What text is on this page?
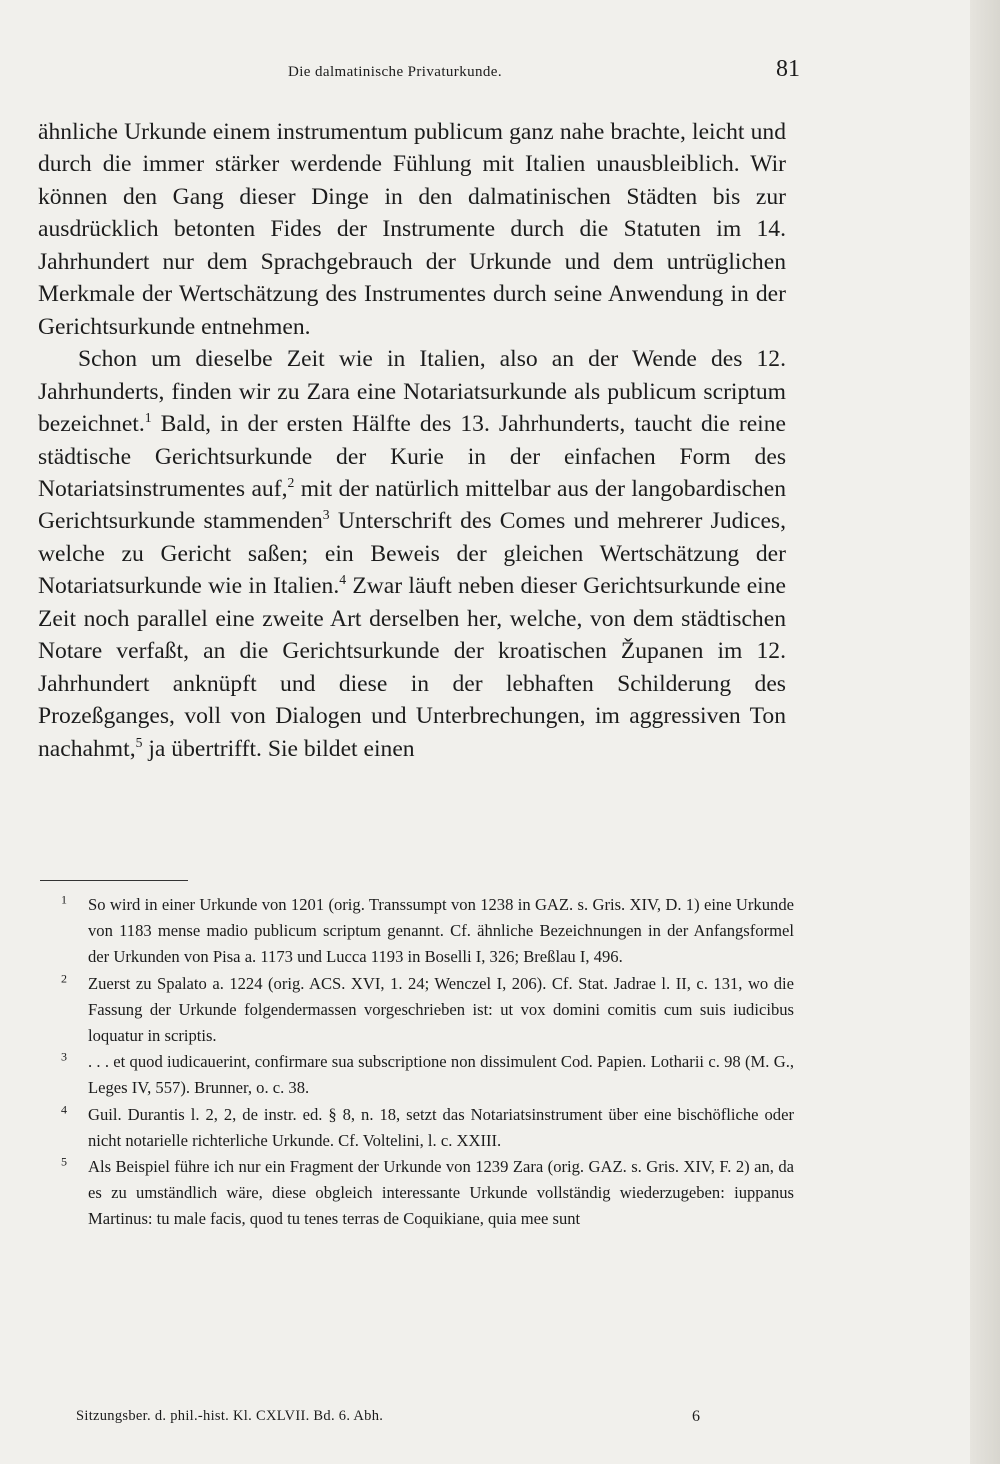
Die dalmatinische Privaturkunde.	81

ähnliche Urkunde einem instrumentum publicum ganz nahe brachte, leicht und durch die immer stärker werdende Fühlung mit Italien unausbleiblich. Wir können den Gang dieser Dinge in den dalmatinischen Städten bis zur ausdrücklich betonten Fides der Instrumente durch die Statuten im 14. Jahrhundert nur dem Sprachgebrauch der Urkunde und dem untrüglichen Merkmale der Wertschätzung des Instrumentes durch seine Anwendung in der Gerichtsurkunde entnehmen.

Schon um dieselbe Zeit wie in Italien, also an der Wende des 12. Jahrhunderts, finden wir zu Zara eine Notariatsurkunde als publicum scriptum bezeichnet.$^1$ Bald, in der ersten Hälfte des 13. Jahrhunderts, taucht die reine städtische Gerichtsurkunde der Kurie in der einfachen Form des Notariatsinstrumentes auf,$^2$ mit der natürlich mittelbar aus der langobardischen Gerichtsurkunde stammenden$^3$ Unterschrift des Comes und mehrerer Judices, welche zu Gericht saßen; ein Beweis der gleichen Wertschätzung der Notariatsurkunde wie in Italien.$^4$ Zwar läuft neben dieser Gerichtsurkunde eine Zeit noch parallel eine zweite Art derselben her, welche, von dem städtischen Notare verfaßt, an die Gerichtsurkunde der kroatischen Županen im 12. Jahrhundert anknüpft und diese in der lebhaften Schilderung des Prozeßganges, voll von Dialogen und Unterbrechungen, im aggressiven Ton nachahmt,$^5$ ja übertrifft. Sie bildet einen

$^1$	So wird in einer Urkunde von 1201 (orig. Transsumpt von 1238 in GAZ. s. Gris. XIV, D. 1) eine Urkunde von 1183 mense madio publicum scriptum genannt. Cf. ähnliche Bezeichnungen in der Anfangsformel der Urkunden von Pisa a. 1173 und Lucca 1193 in Boselli I, 326; Breßlau I, 496.
$^2$	Zuerst zu Spalato a. 1224 (orig. ACS. XVI, 1. 24; Wenczel I, 206). Cf. Stat. Jadrae l. II, c. 131, wo die Fassung der Urkunde folgendermassen vorgeschrieben ist: ut vox domini comitis cum suis iudicibus loquatur in scriptis.
$^3$	. . . et quod iudicauerint, confirmare sua subscriptione non dissimulent Cod. Papien. Lotharii c. 98 (M. G., Leges IV, 557). Brunner, o. c. 38.
$^4$	Guil. Durantis l. 2, 2, de instr. ed. § 8, n. 18, setzt das Notariatsinstrument über eine bischöfliche oder nicht notarielle richterliche Urkunde. Cf. Voltelini, l. c. XXIII.
$^5$	Als Beispiel führe ich nur ein Fragment der Urkunde von 1239 Zara (orig. GAZ. s. Gris. XIV, F. 2) an, da es zu umständlich wäre, diese obgleich interessante Urkunde vollständig wiederzugeben: iuppanus Martinus: tu male facis, quod tu tenes terras de Coquikiane, quia mee sunt
Sitzungsber. d. phil.-hist. Kl. CXLVII. Bd. 6. Abh.	6
